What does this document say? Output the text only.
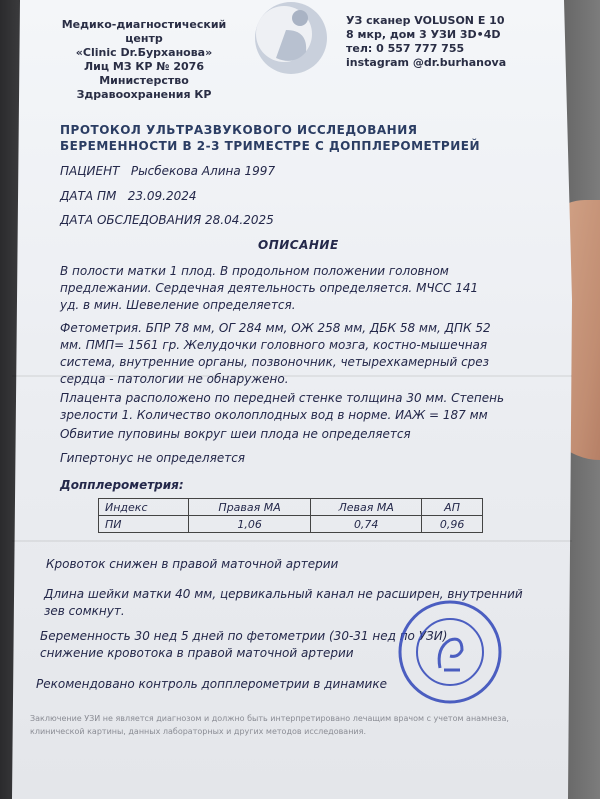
Медико-диагностический центр
«Clinic Dr.Бурханова»
Лиц МЗ КР № 2076
Министерство Здравоохранения КР
УЗ сканер VOLUSON E 10
8 мкр, дом 3 УЗИ 3D•4D
тел: 0 557 777 755
instagram @dr.burhanova
ПРОТОКОЛ УЛЬТРАЗВУКОВОГО ИССЛЕДОВАНИЯ БЕРЕМЕННОСТИ В 2-3 ТРИМЕСТРЕ С ДОППЛЕРОМЕТРИЕЙ
ПАЦИЕНТ Рысбекова Алина 1997
ДАТА ПМ 23.09.2024
ДАТА ОБСЛЕДОВАНИЯ 28.04.2025
ОПИСАНИЕ
В полости матки 1 плод. В продольном положении головном предлежании. Сердечная деятельность определяется. МЧСС 141 уд. в мин. Шевеление определяется.
Фетометрия. БПР 78 мм, ОГ 284 мм, ОЖ 258 мм, ДБК 58 мм, ДПК 52 мм. ПМП= 1561 гр. Желудочки головного мозга, костно-мышечная система, внутренние органы, позвоночник, четырехкамерный срез сердца - патологии не обнаружено.
Плацента расположено по передней стенке толщина 30 мм. Степень зрелости 1. Количество околоплодных вод в норме. ИАЖ = 187 мм
Обвитие пуповины вокруг шеи плода не определяется
Гипертонус не определяется
Допплерометрия:
Индекс	Правая МА	Левая МА	АП
ПИ	1,06	0,74	0,96
Кровоток снижен в правой маточной артерии
Длина шейки матки 40 мм, цервикальный канал не расширен, внутренний зев сомкнут.
Беременность 30 нед 5 дней по фетометрии (30-31 нед по УЗИ) снижение кровотока в правой маточной артерии
Рекомендовано контроль допплерометрии в динамике
Заключение УЗИ не является диагнозом и должно быть интерпретировано лечащим врачом с учетом анамнеза, клинической картины, данных лабораторных и других методов исследования.
